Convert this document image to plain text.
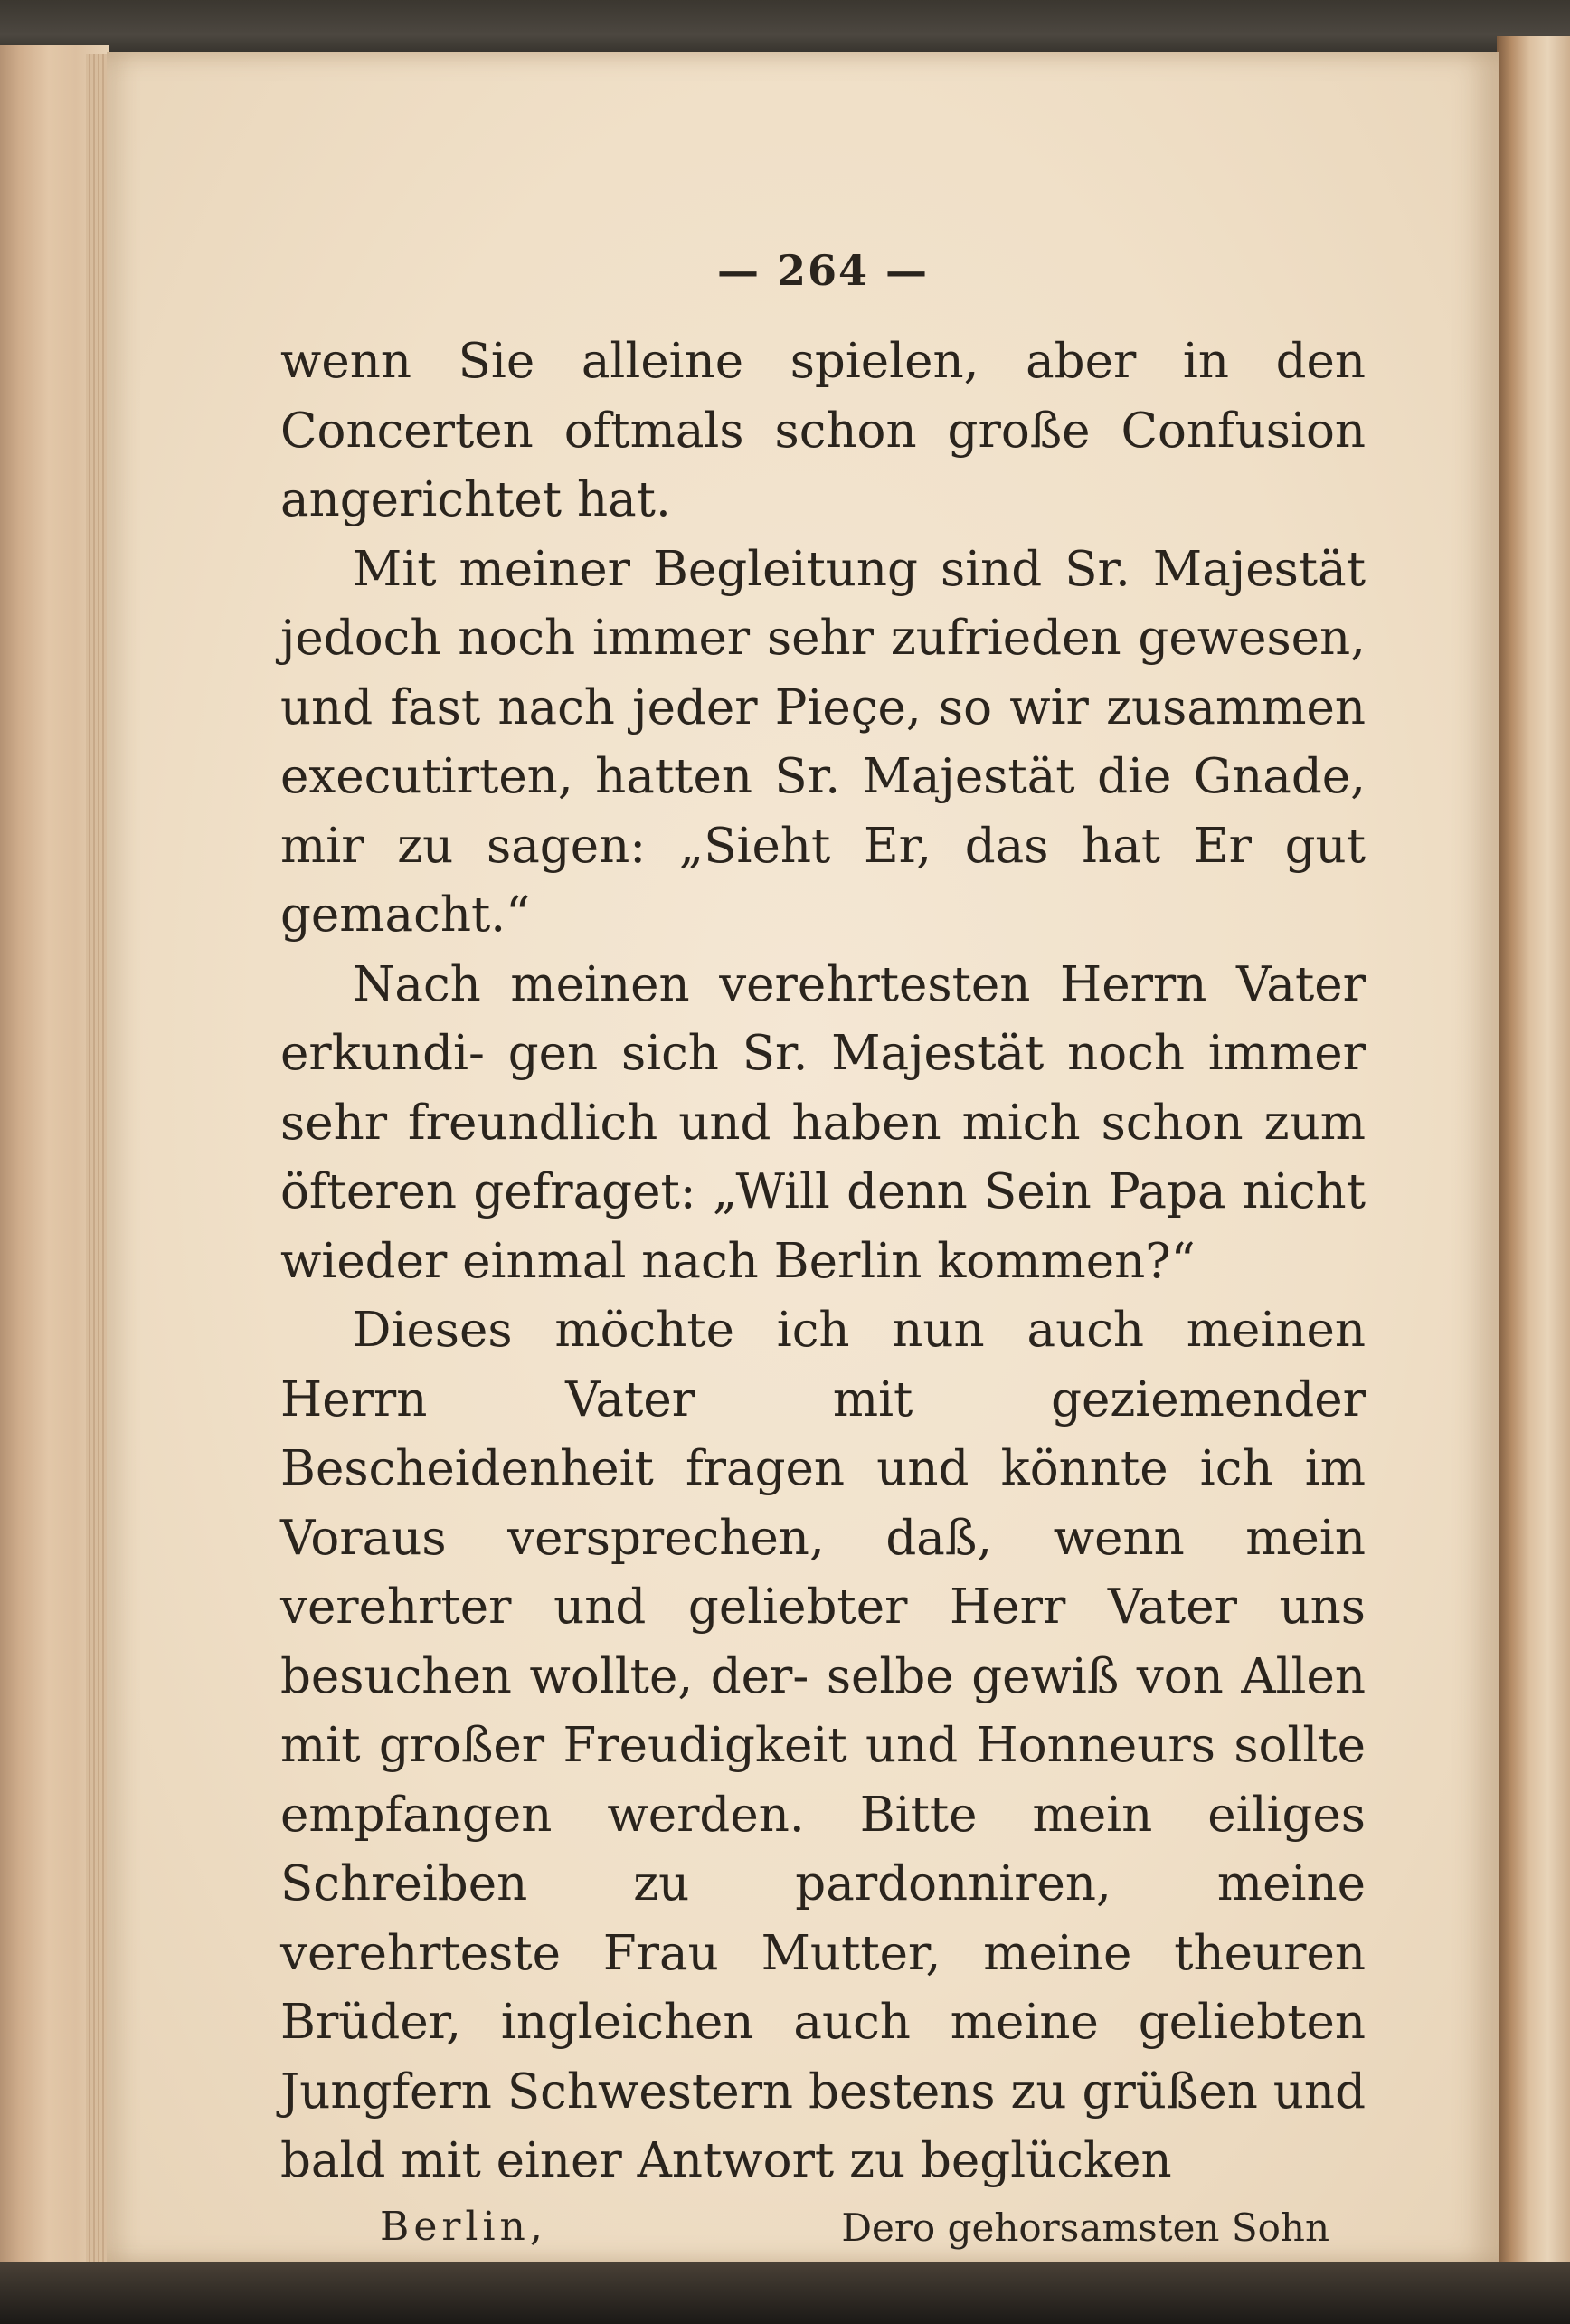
— 264 —

wenn Sie alleine spielen, aber in den Concerten oftmals schon große Confusion angerichtet hat.

Mit meiner Begleitung sind Sr. Majestät jedoch noch immer sehr zufrieden gewesen, und fast nach jeder Pieçe, so wir zusammen executirten, hatten Sr. Majestät die Gnade, mir zu sagen: „Sieht Er, das hat Er gut gemacht.“

Nach meinen verehrtesten Herrn Vater erkundi- gen sich Sr. Majestät noch immer sehr freundlich und haben mich schon zum öfteren gefraget: „Will denn Sein Papa nicht wieder einmal nach Berlin kommen?“

Dieses möchte ich nun auch meinen Herrn Vater mit geziemender Bescheidenheit fragen und könnte ich im Voraus versprechen, daß, wenn mein verehrter und geliebter Herr Vater uns besuchen wollte, der- selbe gewiß von Allen mit großer Freudigkeit und Honneurs sollte empfangen werden. Bitte mein eiliges Schreiben zu pardonniren, meine verehrteste Frau Mutter, meine theuren Brüder, ingleichen auch meine geliebten Jungfern Schwestern bestens zu grüßen und bald mit einer Antwort zu beglücken

Berlin,	Dero gehorsamsten Sohn
